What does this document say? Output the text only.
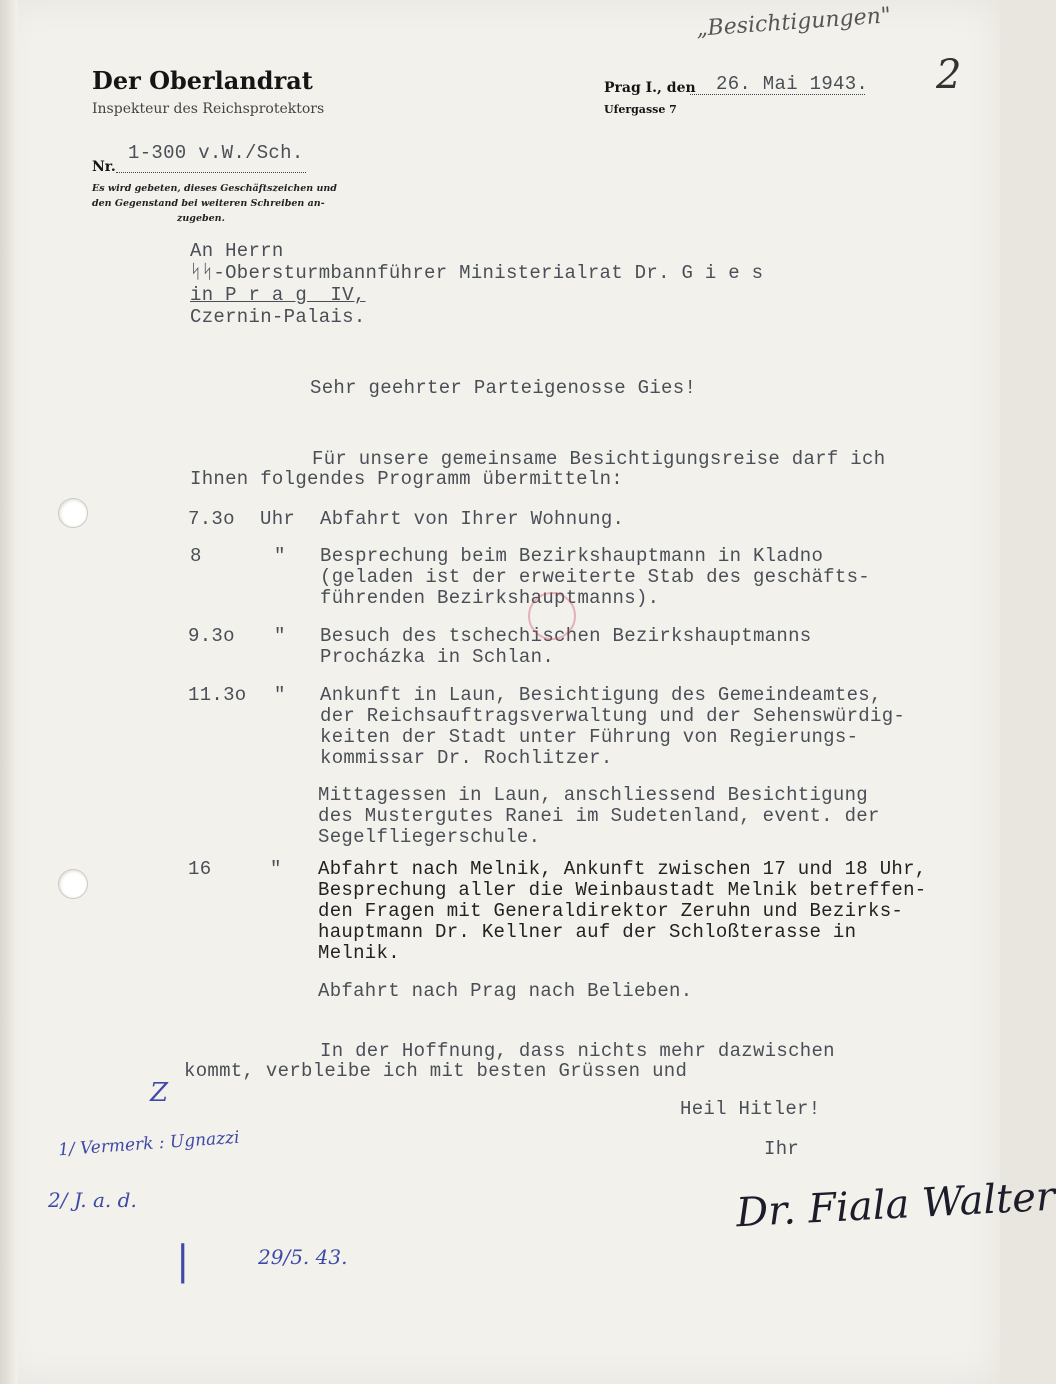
Der Oberlandrat
Inspekteur des Reichsprotektors
Nr.
1-300 v.W./Sch.
Es wird gebeten, dieses Geschäftszeichen und
den Gegenstand bei weiteren Schreiben an-
zugeben.
Prag I., den 26. Mai 1943.
Ufergasse 7
„Besichtigungen"
2
An Herrn
ᛋᛋ-Obersturmbannführer Ministerialrat Dr. G i e s
in P r a g  IV,
Czernin-Palais.
Sehr geehrter Parteigenosse Gies!
Für unsere gemeinsame Besichtigungsreise darf ich
Ihnen folgendes Programm übermitteln:
7.3o Uhr Abfahrt von Ihrer Wohnung.
8	" Besprechung beim Bezirkshauptmann in Kladno
(geladen ist der erweiterte Stab des geschäfts-
führenden Bezirkshauptmanns).
9.3o " Besuch des tschechischen Bezirkshauptmanns
Procházka in Schlan.
11.3o " Ankunft in Laun, Besichtigung des Gemeindeamtes,
der Reichsauftragsverwaltung und der Sehenswürdig-
keiten der Stadt unter Führung von Regierungs-
kommissar Dr. Rochlitzer.
Mittagessen in Laun, anschliessend Besichtigung
des Mustergutes Ranei im Sudetenland, event. der
Segelfliegerschule.
16	" Abfahrt nach Melnik, Ankunft zwischen 17 und 18 Uhr,
Besprechung aller die Weinbaustadt Melnik betreffen-
den Fragen mit Generaldirektor Zeruhn und Bezirks-
hauptmann Dr. Kellner auf der Schloßterasse in
Melnik.
Abfahrt nach Prag nach Belieben.
In der Hoffnung, dass nichts mehr dazwischen
kommt, verbleibe ich mit besten Grüssen und
Heil Hitler!
Ihr
Dr. Fiala Walter
Z
1/ Vermerk : Ugnazzi
2/ J. a. d.
|	29/5. 43.
